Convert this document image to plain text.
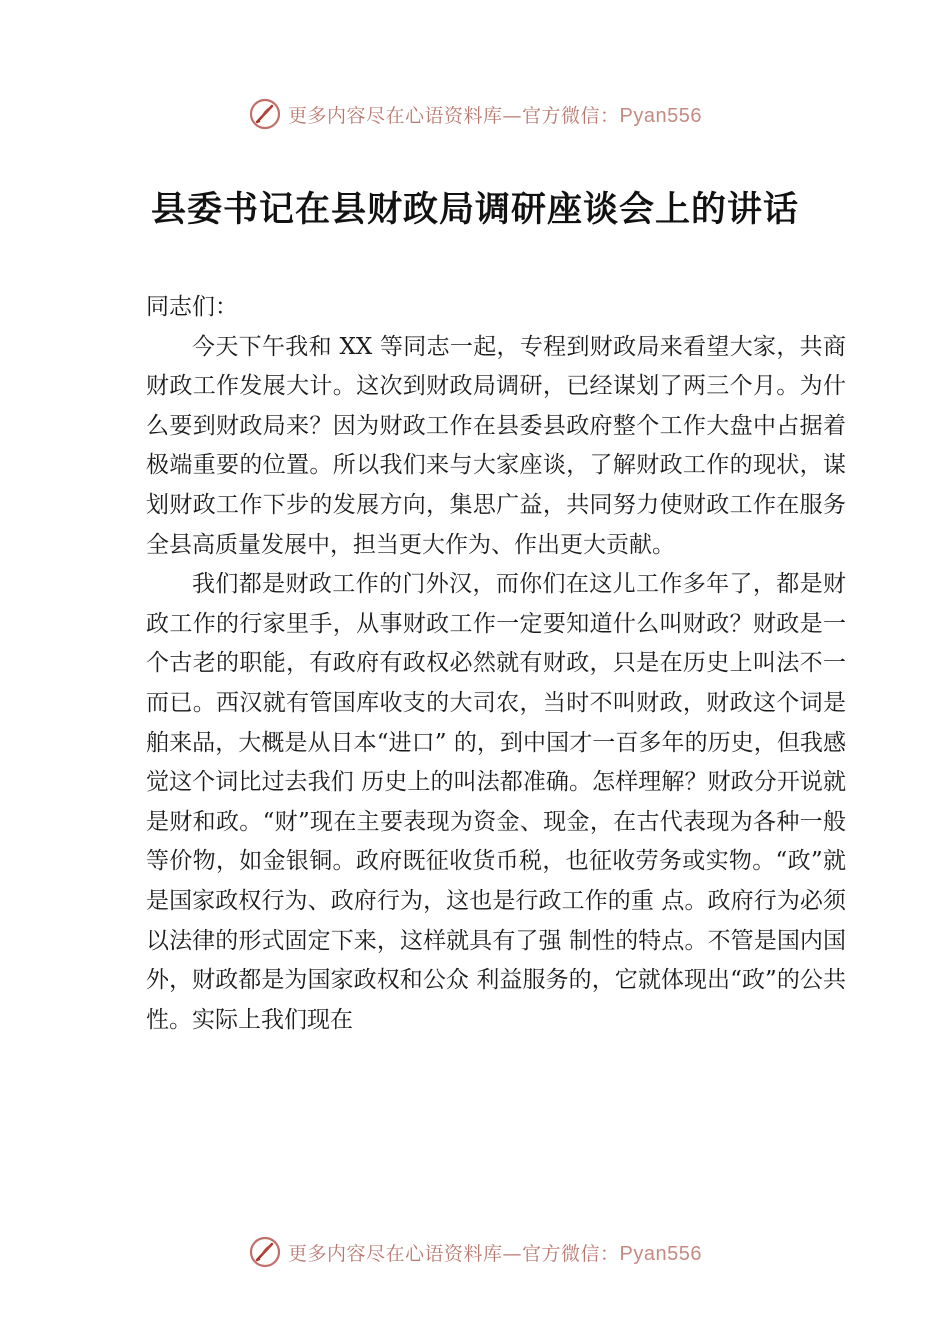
更多内容尽在心语资料库—官方微信：Pyan556
县委书记在县财政局调研座谈会上的讲话

同志们：

今天下午我和 XX 等同志一起，专程到财政局来看望大家，共商财政工作发展大计。这次到财政局调研，已经谋划了两三个月。为什么要到财政局来？因为财政工作在县委县政府整个工作大盘中占据着极端重要的位置。所以我们来与大家座谈，了解财政工作的现状，谋划财政工作下步的发展方向，集思广益，共同努力使财政工作在服务全县高质量发展中，担当更大作为、作出更大贡献。

我们都是财政工作的门外汉，而你们在这儿工作多年了，都是财政工作的行家里手，从事财政工作一定要知道什么叫财政？财政是一个古老的职能，有政府有政权必然就有财政，只是在历史上叫法不一而已。西汉就有管国库收支的大司农，当时不叫财政，财政这个词是舶来品，大概是从日本“进口” 的，到中国才一百多年的历史，但我感觉这个词比过去我们 历史上的叫法都准确。怎样理解？财政分开说就是财和政。“财”现在主要表现为资金、现金，在古代表现为各种一般等价物，如金银铜。政府既征收货币税，也征收劳务或实物。“政”就是国家政权行为、政府行为，这也是行政工作的重 点。政府行为必须以法律的形式固定下来，这样就具有了强 制性的特点。不管是国内国外，财政都是为国家政权和公众 利益服务的，它就体现出“政”的公共性。实际上我们现在

更多内容尽在心语资料库—官方微信：Pyan556
